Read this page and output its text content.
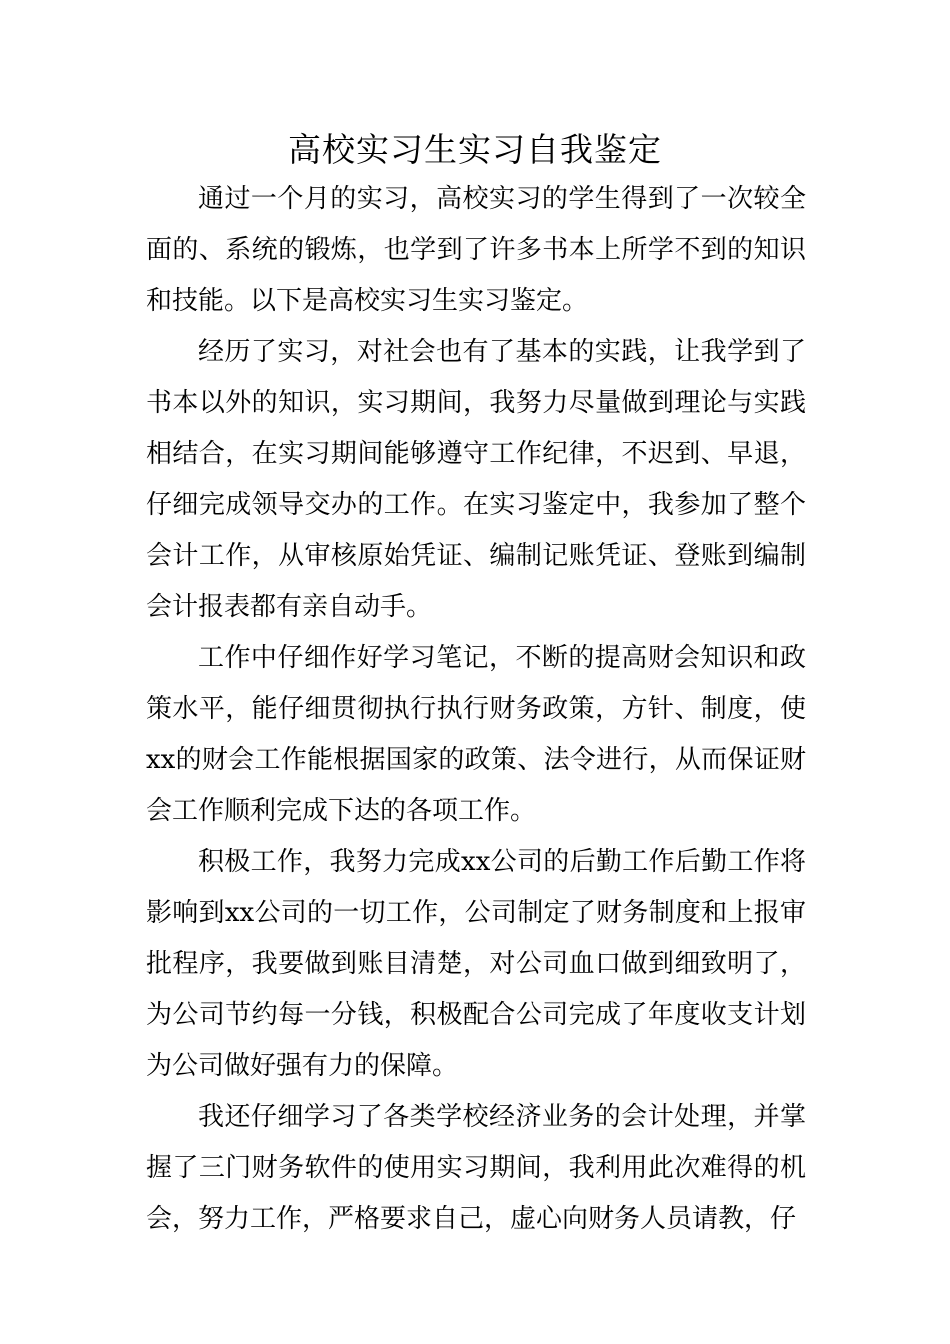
高校实习生实习自我鉴定

通过一个月的实习，高校实习的学生得到了一次较全面的、系统的锻炼，也学到了许多书本上所学不到的知识和技能。以下是高校实习生实习鉴定。

经历了实习，对社会也有了基本的实践，让我学到了书本以外的知识，实习期间，我努力尽量做到理论与实践相结合，在实习期间能够遵守工作纪律，不迟到、早退，仔细完成领导交办的工作。在实习鉴定中，我参加了整个会计工作，从审核原始凭证、编制记账凭证、登账到编制会计报表都有亲自动手。

工作中仔细作好学习笔记，不断的提高财会知识和政策水平，能仔细贯彻执行执行财务政策，方针、制度，使xx的财会工作能根据国家的政策、法令进行，从而保证财会工作顺利完成下达的各项工作。

积极工作，我努力完成xx公司的后勤工作后勤工作将影响到xx公司的一切工作，公司制定了财务制度和上报审批程序，我要做到账目清楚，对公司血口做到细致明了，为公司节约每一分钱，积极配合公司完成了年度收支计划为公司做好强有力的保障。

我还仔细学习了各类学校经济业务的会计处理，并掌握了三门财务软件的使用实习期间，我利用此次难得的机会，努力工作，严格要求自己，虚心向财务人员请教，仔
